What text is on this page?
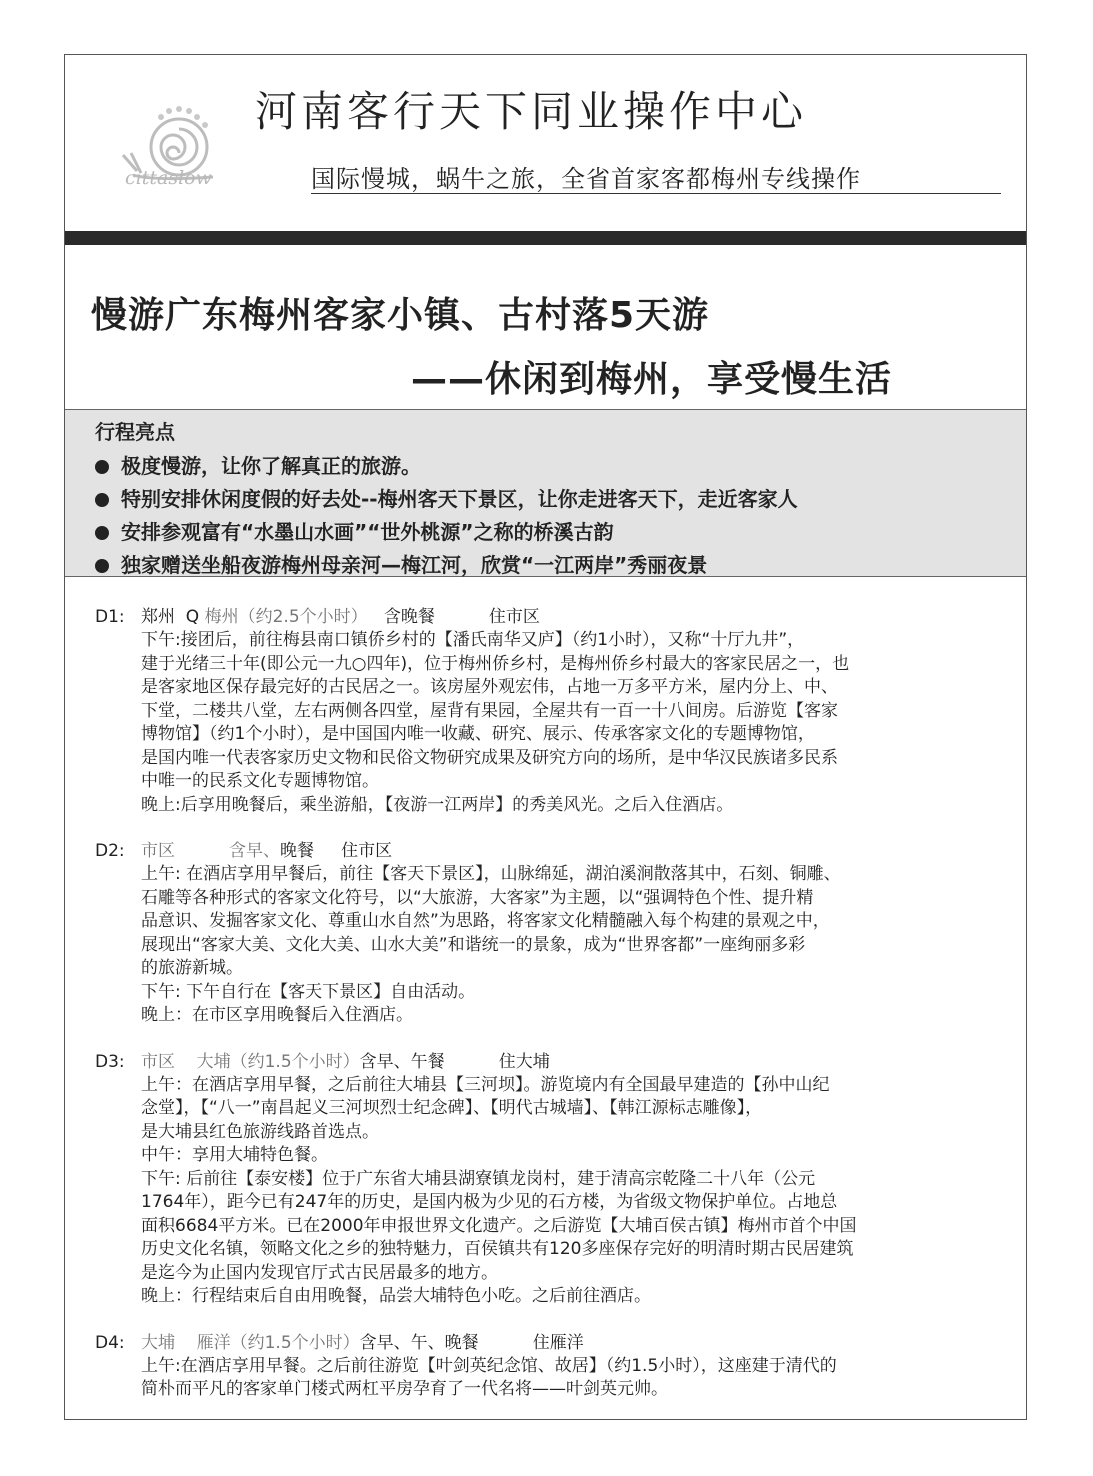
cittaslow
河南客行天下同业操作中心
国际慢城，蜗牛之旅，全省首家客都梅州专线操作
慢游广东梅州客家小镇、古村落5天游
——休闲到梅州，享受慢生活
行程亮点
极度慢游，让你了解真正的旅游。
特别安排休闲度假的好去处--梅州客天下景区，让你走进客天下，走近客家人
安排参观富有“水墨山水画”“世外桃源”之称的桥溪古韵
独家赠送坐船夜游梅州母亲河—梅江河，欣赏“一江两岸”秀丽夜景
D1: 郑州  Q 梅州（约2.5个小时）   含晚餐          住市区
下午:接团后，前往梅县南口镇侨乡村的【潘氏南华又庐】（约1小时），又称“十厅九井”，
建于光绪三十年(即公元一九○四年)，位于梅州侨乡村，是梅州侨乡村最大的客家民居之一，也
是客家地区保存最完好的古民居之一。该房屋外观宏伟，占地一万多平方米，屋内分上、中、
下堂，二楼共八堂，左右两侧各四堂，屋背有果园，全屋共有一百一十八间房。后游览【客家
博物馆】（约1个小时），是中国国内唯一收藏、研究、展示、传承客家文化的专题博物馆，
是国内唯一代表客家历史文物和民俗文物研究成果及研究方向的场所，是中华汉民族诸多民系
中唯一的民系文化专题博物馆。
晚上:后享用晚餐后，乘坐游船，【夜游一江两岸】的秀美风光。之后入住酒店。
D2: 市区          含早、晚餐     住市区
上午: 在酒店享用早餐后，前往【客天下景区】，山脉绵延，湖泊溪涧散落其中，石刻、铜雕、
石雕等各种形式的客家文化符号，以“大旅游，大客家”为主题，以“强调特色个性、提升精
品意识、发掘客家文化、尊重山水自然”为思路，将客家文化精髓融入每个构建的景观之中，
展现出“客家大美、文化大美、山水大美”和谐统一的景象，成为“世界客都”一座绚丽多彩
的旅游新城。
下午: 下午自行在【客天下景区】自由活动。
晚上：在市区享用晚餐后入住酒店。
D3: 市区    大埔（约1.5个小时）含早、午餐          住大埔
上午：在酒店享用早餐，之后前往大埔县【三河坝】。游览境内有全国最早建造的【孙中山纪
念堂】，【“八一”南昌起义三河坝烈士纪念碑】、【明代古城墙】、【韩江源标志雕像】，
是大埔县红色旅游线路首选点。
中午：享用大埔特色餐。
下午: 后前往【泰安楼】位于广东省大埔县湖寮镇龙岗村，建于清高宗乾隆二十八年（公元
1764年），距今已有247年的历史，是国内极为少见的石方楼，为省级文物保护单位。占地总
面积6684平方米。已在2000年申报世界文化遗产。之后游览【大埔百侯古镇】梅州市首个中国
历史文化名镇，领略文化之乡的独特魅力，百侯镇共有120多座保存完好的明清时期古民居建筑
是迄今为止国内发现官厅式古民居最多的地方。
晚上：行程结束后自由用晚餐，品尝大埔特色小吃。之后前往酒店。
D4: 大埔    雁洋（约1.5个小时）含早、午、晚餐          住雁洋
上午:在酒店享用早餐。之后前往游览【叶剑英纪念馆、故居】（约1.5小时），这座建于清代的
简朴而平凡的客家单门楼式两杠平房孕育了一代名将——叶剑英元帅。
